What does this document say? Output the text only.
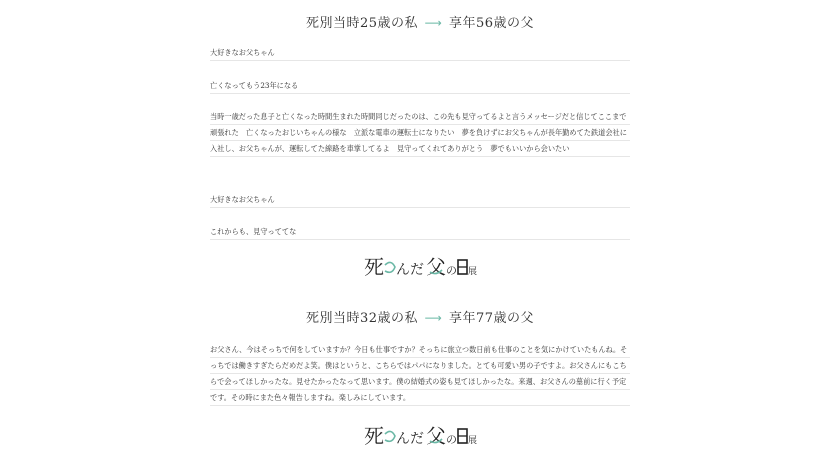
死別当時25歳の私 ⟶ 享年56歳の父

大好きなお父ちゃん

亡くなってもう23年になる

当時一歳だった息子と亡くなった時間生まれた時間同じだったのは、この先も見守ってるよと言うメッセージだと信じてここまで頑張れた　亡くなったおじいちゃんの様な　立派な電車の運転士になりたい　夢を負けずにお父ちゃんが長年勤めてた鉄道会社に入社し、お父ちゃんが、運転してた線路を車掌してるよ　見守ってくれてありがとう　夢でもいいから会いたい

大好きなお父ちゃん

これからも、見守っててな

死 んだ 父 の 展
死別当時32歳の私 ⟶ 享年77歳の父

お父さん、今はそっちで何をしていますか？今日も仕事ですか？そっちに旅立つ数日前も仕事のことを気にかけていたもんね。そっちでは働きすぎたらだめだよ笑。僕はというと、こちらではパパになりました。とても可愛い男の子ですよ。お父さんにもこちらで会ってほしかったな。見せたかったなって思います。僕の結婚式の姿も見てほしかったな。来週、お父さんの墓前に行く予定です。その時にまた色々報告しますね。楽しみにしています。

死 んだ 父 の 展
